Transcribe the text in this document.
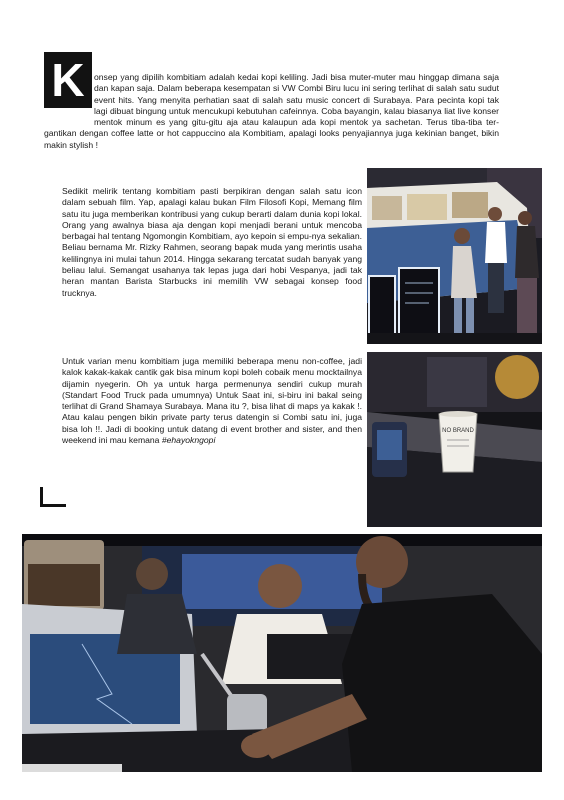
K	onsep yang dipilih kombitiam adalah kedai kopi keliling. Jadi bisa muter-muter mau hinggap dimana saja dan kapan saja. Dalam beberapa kesempatan si VW Combi Biru lucu ini sering terlihat di salah satu sudut event hits. Yang menyita perhatian saat di salah satu music concert di Surabaya. Para pecinta kopi tak lagi dibuat bingung untuk mencukupi kebutuhan cafeinnya. Coba bayangin, kalau biasanya liat live konser mentok minum es yang gitu-gitu aja atau kalaupun ada kopi mentok ya sachetan. Terus tiba-tiba ter-gantikan dengan coffee latte or hot cappuccino ala Kombitiam, apalagi looks penyajiannya juga kekinian banget, bikin makin stylish !

Sedikit melirik tentang kombitiam pasti berpikiran dengan salah satu icon dalam sebuah film. Yap, apalagi kalau bukan Film Filosofi Kopi, Memang film satu itu juga memberikan kontribusi yang cukup berarti dalam dunia kopi lokal. Orang yang awalnya biasa aja dengan kopi menjadi berani untuk mencoba berbagai hal tentang Ngomongin Kombitiam, ayo kepoin si empu-nya sekalian. Beliau bernama Mr. Rizky Rahmen, seorang bapak muda yang merintis usaha kelilingnya ini mulai tahun 2014. Hingga sekarang tercatat sudah banyak yang beliau lalui. Semangat usahanya tak lepas juga dari hobi Vespanya, jadi tak heran mantan Barista Starbucks ini memilih VW sebagai konsep food trucknya.

Untuk varian menu kombitiam juga memiliki beberapa menu non-coffee, jadi kalok kakak-kakak cantik gak bisa minum kopi boleh cobaik menu mocktailnya dijamin nyegerin. Oh ya untuk harga permenunya sendiri cukup murah (Standart Food Truck pada umumnya) Untuk Saat ini, si-biru ini bakal seing terlihat di Grand Shamaya Surabaya. Mana itu ?, bisa lihat di maps ya kakak !. Atau kalau pengen bikin private party terus datengin si Combi satu ini, juga bisa loh !!. Jadi di booking untuk datang di event brother and sister, and then weekend ini mau kemana #ehayokngopi

NO BRAND
